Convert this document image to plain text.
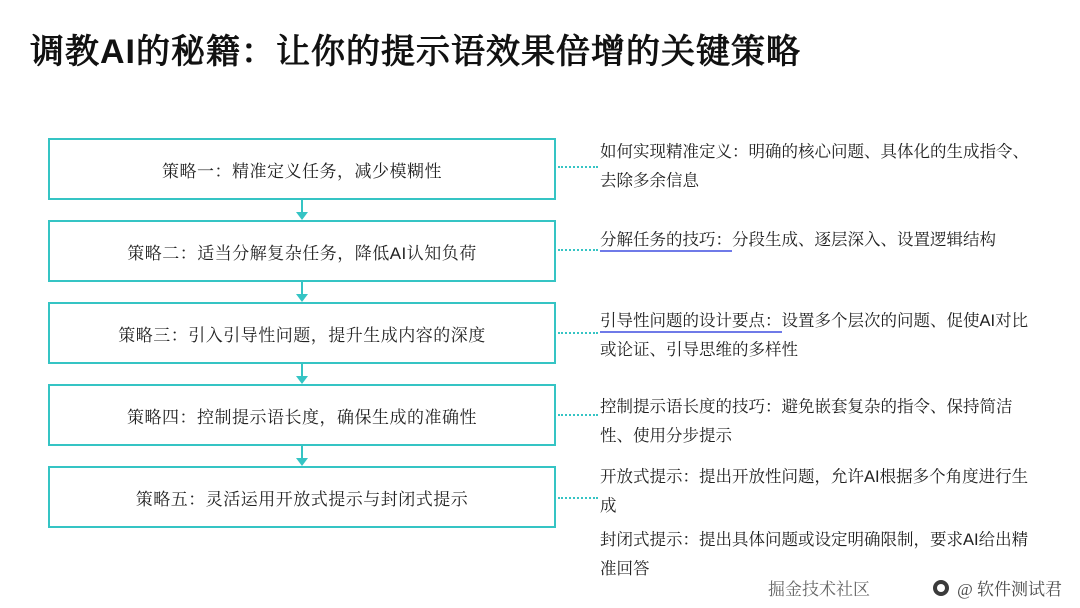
调教AI的秘籍：让你的提示语效果倍增的关键策略
策略一：精准定义任务，减少模糊性
策略二：适当分解复杂任务，降低AI认知负荷
策略三：引入引导性问题，提升生成内容的深度
策略四：控制提示语长度，确保生成的准确性
策略五：灵活运用开放式提示与封闭式提示
如何实现精准定义：明确的核心问题、具体化的生成指令、去除多余信息
分解任务的技巧：分段生成、逐层深入、设置逻辑结构
引导性问题的设计要点：设置多个层次的问题、促使AI对比或论证、引导思维的多样性
控制提示语长度的技巧：避免嵌套复杂的指令、保持简洁性、使用分步提示
开放式提示：提出开放性问题，允许AI根据多个角度进行生成
封闭式提示：提出具体问题或设定明确限制，要求AI给出精准回答
掘金技术社区	@ 软件测试君
